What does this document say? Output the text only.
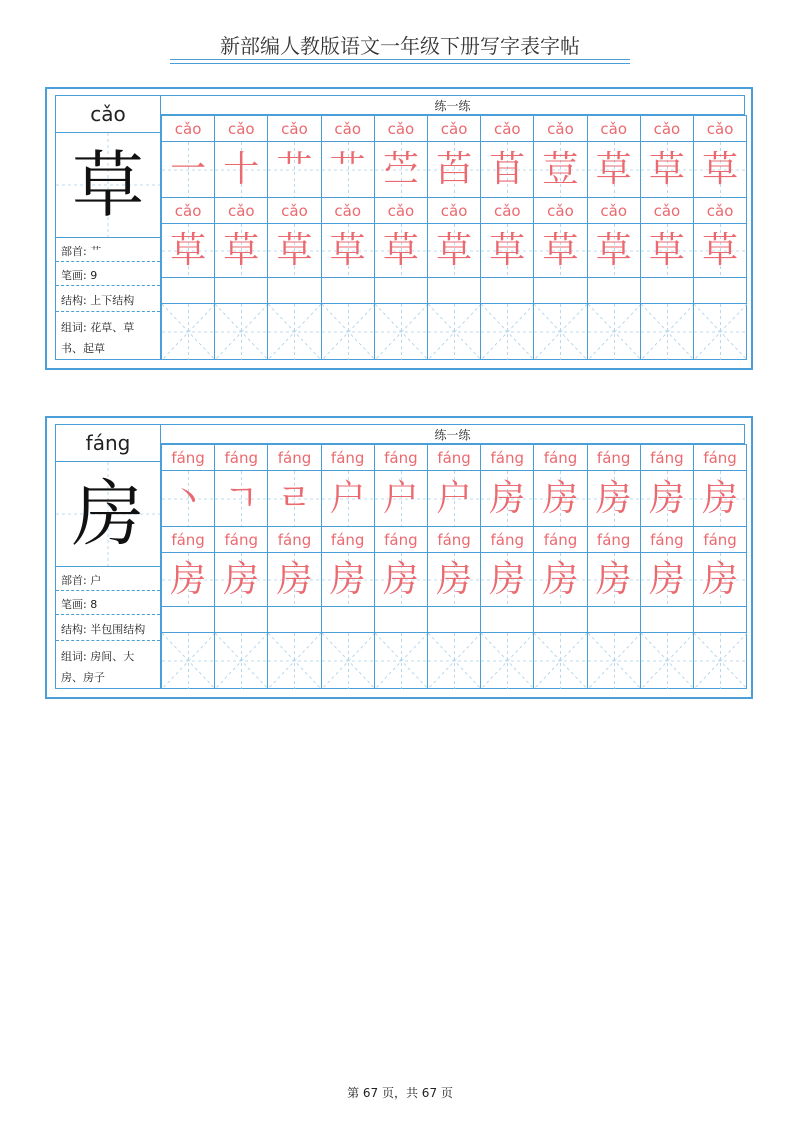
新部编人教版语文一年级下册写字表字帖
cǎo
草
部首: 艹
笔画: 9
结构: 上下结构
组词: 花草、草书、起草
练一练
cǎo
一
cǎo
十
cǎo
艹
cǎo
艹
cǎo
苎
cǎo
苩
cǎo
苜
cǎo
荳
cǎo
草
cǎo
草
cǎo
草
cǎo
草
cǎo
草
cǎo
草
cǎo
草
cǎo
草
cǎo
草
cǎo
草
cǎo
草
cǎo
草
cǎo
草
cǎo
草
fáng
房
部首: 户
笔画: 8
结构: 半包围结构
组词: 房间、大房、房子
练一练
fáng
丶
fáng
ㄱ
fáng
ㄹ
fáng
户
fáng
户
fáng
户
fáng
房
fáng
房
fáng
房
fáng
房
fáng
房
fáng
房
fáng
房
fáng
房
fáng
房
fáng
房
fáng
房
fáng
房
fáng
房
fáng
房
fáng
房
fáng
房
第 67 页，共 67 页
